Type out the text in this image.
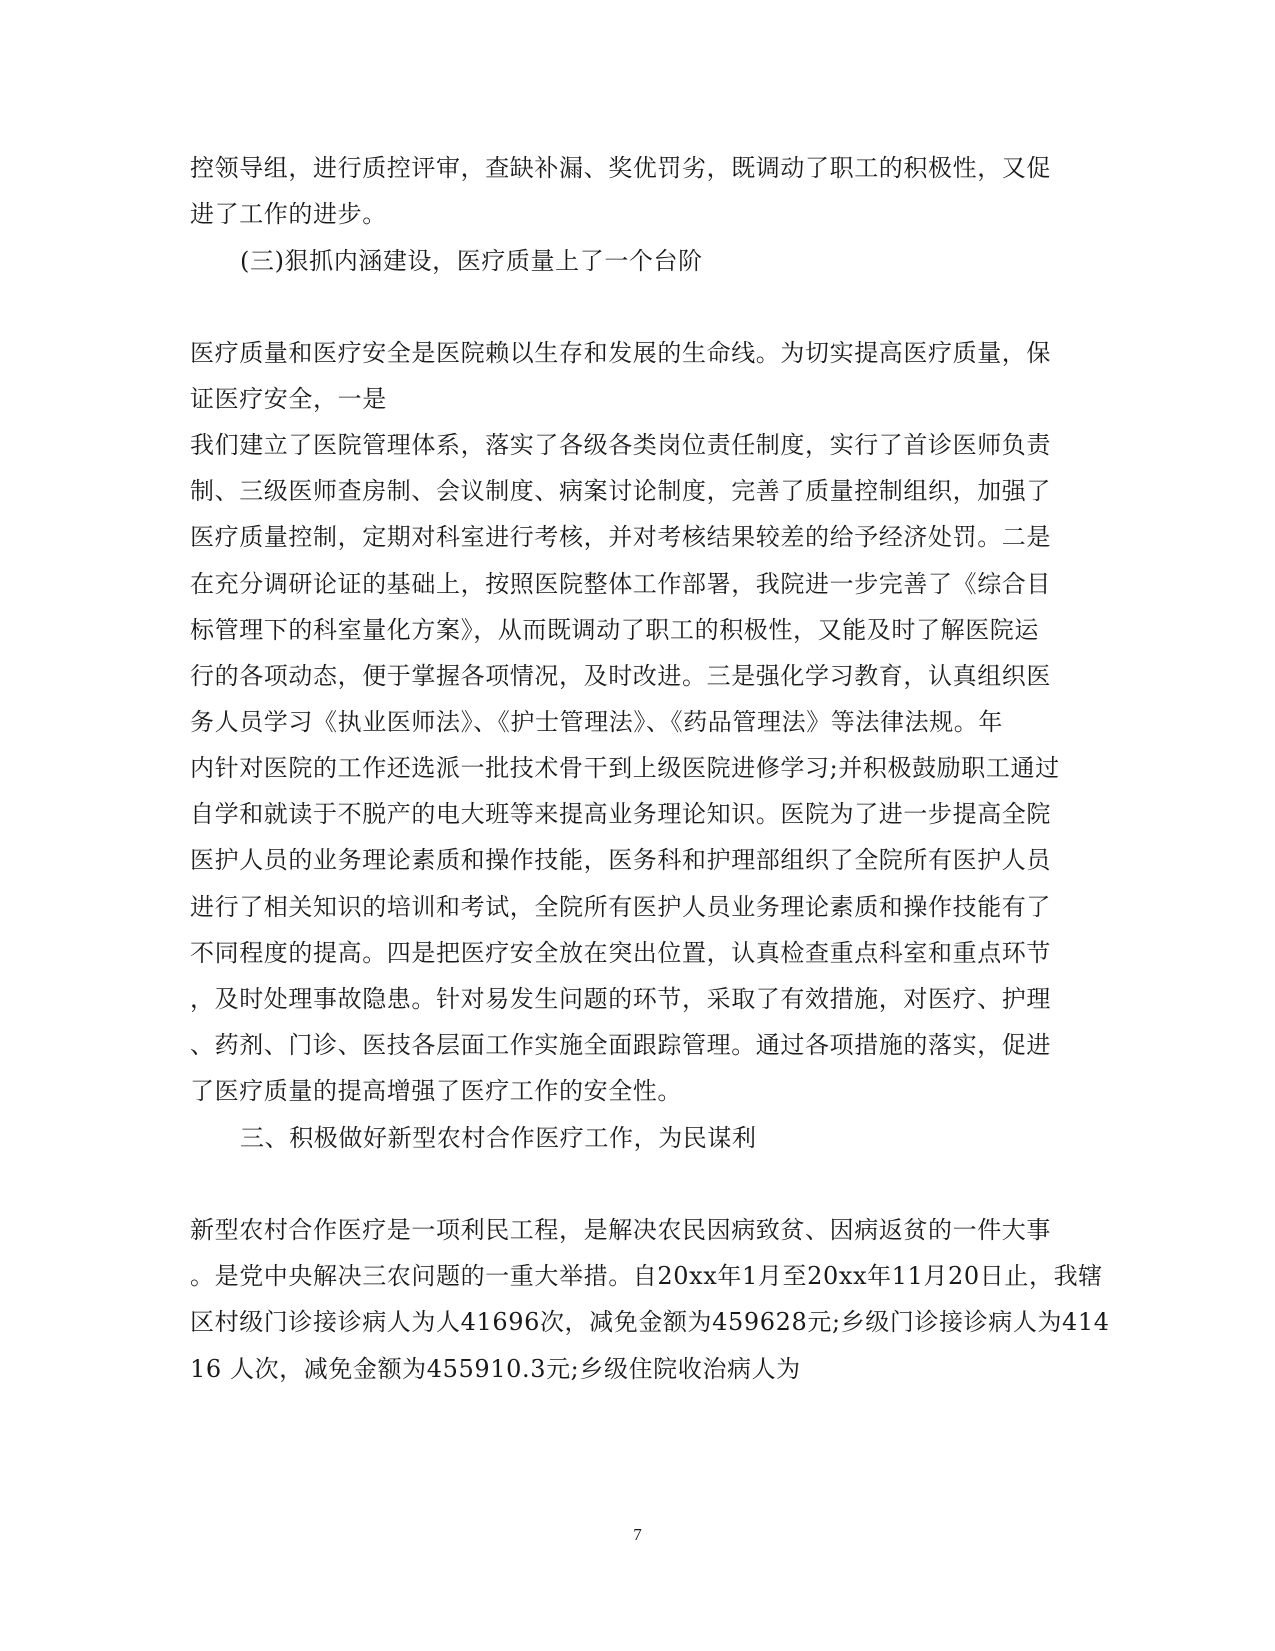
控领导组，进行质控评审，查缺补漏、奖优罚劣，既调动了职工的积极性，又促
进了工作的进步。
(三)狠抓内涵建设，医疗质量上了一个台阶
医疗质量和医疗安全是医院赖以生存和发展的生命线。为切实提高医疗质量，保
证医疗安全，一是
我们建立了医院管理体系，落实了各级各类岗位责任制度，实行了首诊医师负责
制、三级医师查房制、会议制度、病案讨论制度，完善了质量控制组织，加强了
医疗质量控制，定期对科室进行考核，并对考核结果较差的给予经济处罚。二是
在充分调研论证的基础上，按照医院整体工作部署，我院进一步完善了《综合目
标管理下的科室量化方案》，从而既调动了职工的积极性，又能及时了解医院运
行的各项动态，便于掌握各项情况，及时改进。三是强化学习教育，认真组织医
务人员学习《执业医师法》、《护士管理法》、《药品管理法》等法律法规。年
内针对医院的工作还选派一批技术骨干到上级医院进修学习;并积极鼓励职工通过
自学和就读于不脱产的电大班等来提高业务理论知识。医院为了进一步提高全院
医护人员的业务理论素质和操作技能，医务科和护理部组织了全院所有医护人员
进行了相关知识的培训和考试，全院所有医护人员业务理论素质和操作技能有了
不同程度的提高。四是把医疗安全放在突出位置，认真检查重点科室和重点环节
，及时处理事故隐患。针对易发生问题的环节，采取了有效措施，对医疗、护理
、药剂、门诊、医技各层面工作实施全面跟踪管理。通过各项措施的落实，促进
了医疗质量的提高增强了医疗工作的安全性。
三、积极做好新型农村合作医疗工作，为民谋利
新型农村合作医疗是一项利民工程，是解决农民因病致贫、因病返贫的一件大事
。是党中央解决三农问题的一重大举措。自20xx年1月至20xx年11月20日止，我辖
区村级门诊接诊病人为人41696次，减免金额为459628元;乡级门诊接诊病人为414
16 人次，减免金额为455910.3元;乡级住院收治病人为
7
